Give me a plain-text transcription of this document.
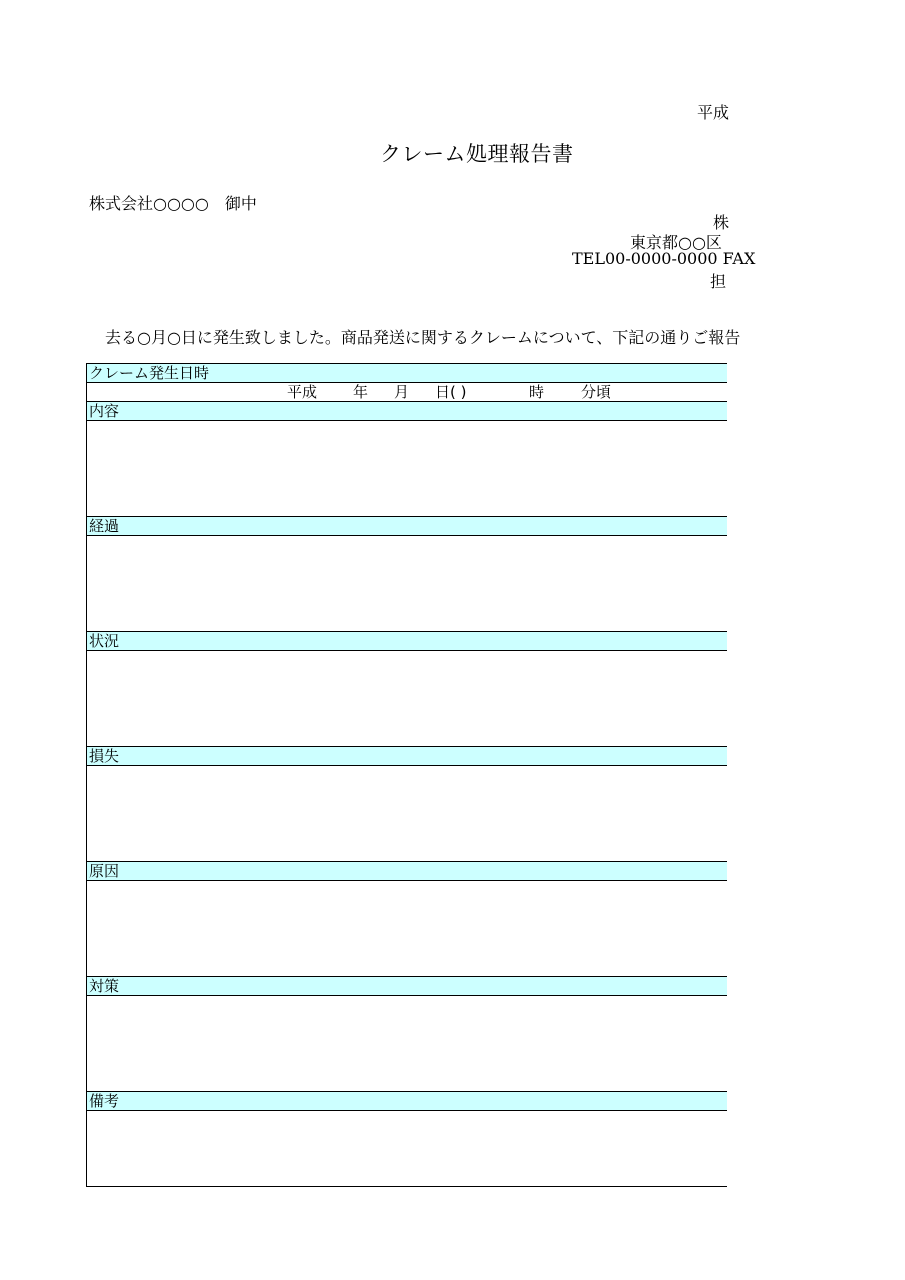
平成
クレーム処理報告書
株式会社○○○○　御中
株
東京都○○区
TEL00-0000-0000 FAX
担
去る○月○日に発生致しました。商品発送に関するクレームについて、下記の通りご報告
クレーム発生日時
平成 年 月 日( )	時 分頃
内容
経過
状況
損失
原因
対策
備考
